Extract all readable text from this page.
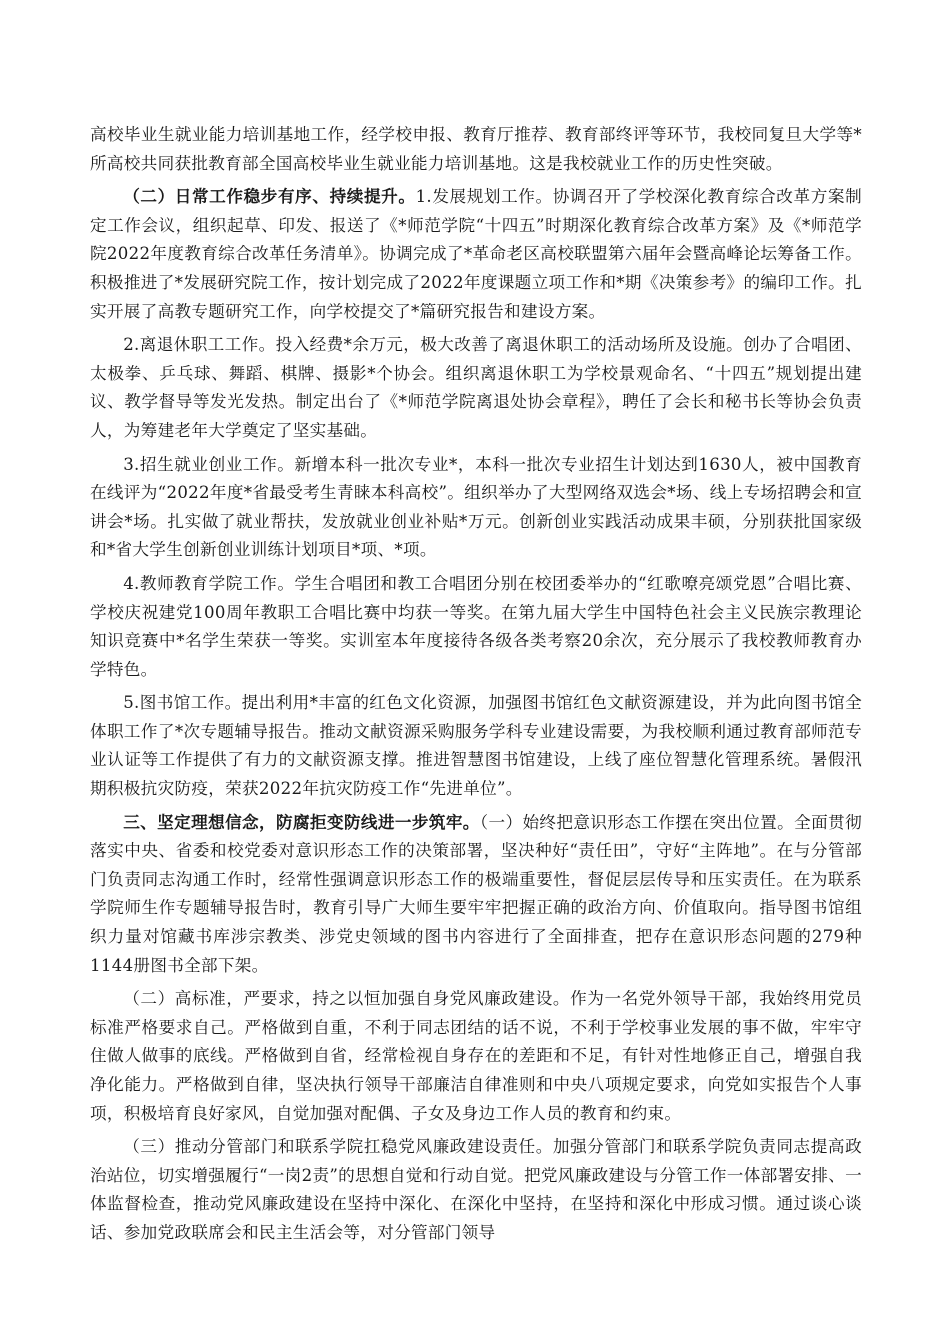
高校毕业生就业能力培训基地工作，经学校申报、教育厅推荐、教育部终评等环节，我校同复旦大学等*所高校共同获批教育部全国高校毕业生就业能力培训基地。这是我校就业工作的历史性突破。

（二）日常工作稳步有序、持续提升。1.发展规划工作。协调召开了学校深化教育综合改革方案制定工作会议，组织起草、印发、报送了《*师范学院“十四五”时期深化教育综合改革方案》及《*师范学院2022年度教育综合改革任务清单》。协调完成了*革命老区高校联盟第六届年会暨高峰论坛筹备工作。积极推进了*发展研究院工作，按计划完成了2022年度课题立项工作和*期《决策参考》的编印工作。扎实开展了高教专题研究工作，向学校提交了*篇研究报告和建设方案。

2.离退休职工工作。投入经费*余万元，极大改善了离退休职工的活动场所及设施。创办了合唱团、太极拳、乒乓球、舞蹈、棋牌、摄影*个协会。组织离退休职工为学校景观命名、“十四五”规划提出建议、教学督导等发光发热。制定出台了《*师范学院离退处协会章程》，聘任了会长和秘书长等协会负责人，为筹建老年大学奠定了坚实基础。

3.招生就业创业工作。新增本科一批次专业*，本科一批次专业招生计划达到1630人，被中国教育在线评为“2022年度*省最受考生青睐本科高校”。组织举办了大型网络双选会*场、线上专场招聘会和宣讲会*场。扎实做了就业帮扶，发放就业创业补贴*万元。创新创业实践活动成果丰硕，分别获批国家级和*省大学生创新创业训练计划项目*项、*项。

4.教师教育学院工作。学生合唱团和教工合唱团分别在校团委举办的“红歌嘹亮颂党恩”合唱比赛、学校庆祝建党100周年教职工合唱比赛中均获一等奖。在第九届大学生中国特色社会主义民族宗教理论知识竞赛中*名学生荣获一等奖。实训室本年度接待各级各类考察20余次，充分展示了我校教师教育办学特色。

5.图书馆工作。提出利用*丰富的红色文化资源，加强图书馆红色文献资源建设，并为此向图书馆全体职工作了*次专题辅导报告。推动文献资源采购服务学科专业建设需要，为我校顺利通过教育部师范专业认证等工作提供了有力的文献资源支撑。推进智慧图书馆建设，上线了座位智慧化管理系统。暑假汛期积极抗灾防疫，荣获2022年抗灾防疫工作“先进单位”。

三、坚定理想信念，防腐拒变防线进一步筑牢。（一）始终把意识形态工作摆在突出位置。全面贯彻落实中央、省委和校党委对意识形态工作的决策部署，坚决种好“责任田”，守好“主阵地”。在与分管部门负责同志沟通工作时，经常性强调意识形态工作的极端重要性，督促层层传导和压实责任。在为联系学院师生作专题辅导报告时，教育引导广大师生要牢牢把握正确的政治方向、价值取向。指导图书馆组织力量对馆藏书库涉宗教类、涉党史领域的图书内容进行了全面排查，把存在意识形态问题的279种1144册图书全部下架。

（二）高标准，严要求，持之以恒加强自身党风廉政建设。作为一名党外领导干部，我始终用党员标准严格要求自己。严格做到自重，不利于同志团结的话不说，不利于学校事业发展的事不做，牢牢守住做人做事的底线。严格做到自省，经常检视自身存在的差距和不足，有针对性地修正自己，增强自我净化能力。严格做到自律，坚决执行领导干部廉洁自律准则和中央八项规定要求，向党如实报告个人事项，积极培育良好家风，自觉加强对配偶、子女及身边工作人员的教育和约束。

（三）推动分管部门和联系学院扛稳党风廉政建设责任。加强分管部门和联系学院负责同志提高政治站位，切实增强履行“一岗2责”的思想自觉和行动自觉。把党风廉政建设与分管工作一体部署安排、一体监督检查，推动党风廉政建设在坚持中深化、在深化中坚持，在坚持和深化中形成习惯。通过谈心谈话、参加党政联席会和民主生活会等，对分管部门领导
